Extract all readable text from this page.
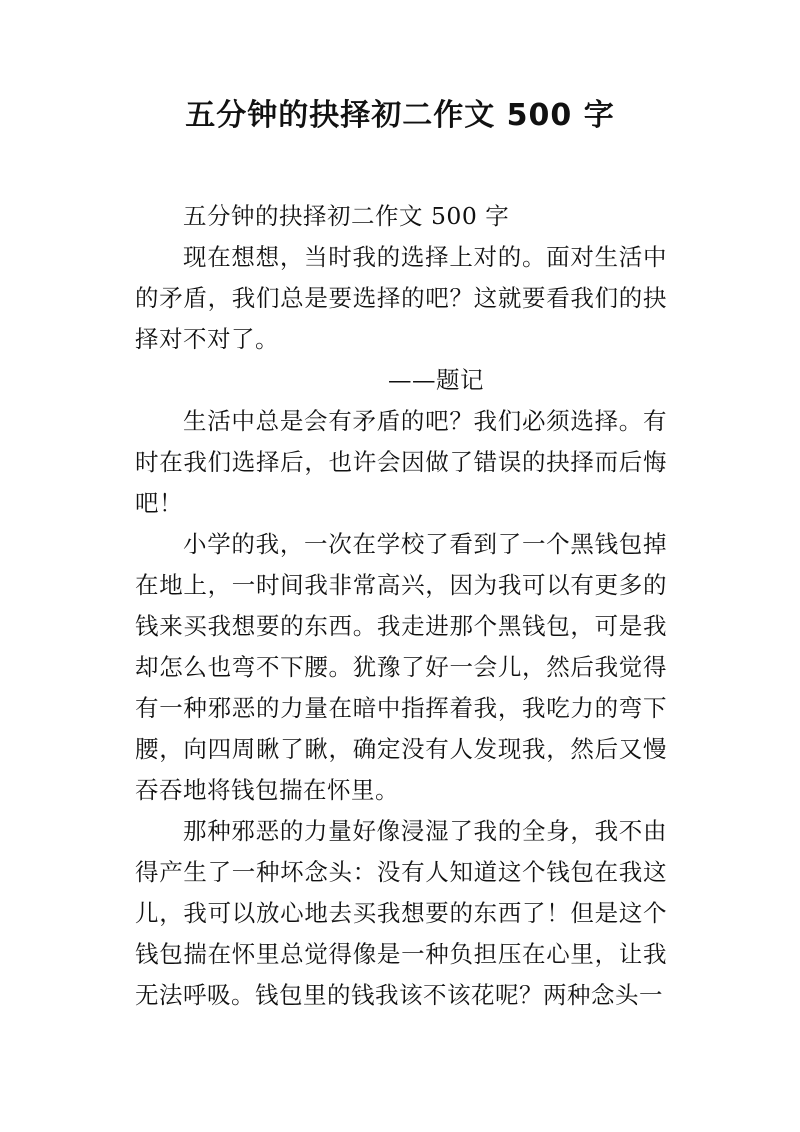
五分钟的抉择初二作文 500 字

五分钟的抉择初二作文 500 字

现在想想，当时我的选择上对的。面对生活中的矛盾，我们总是要选择的吧？这就要看我们的抉择对不对了。

——题记

生活中总是会有矛盾的吧？我们必须选择。有时在我们选择后，也许会因做了错误的抉择而后悔吧！

小学的我，一次在学校了看到了一个黑钱包掉在地上，一时间我非常高兴，因为我可以有更多的钱来买我想要的东西。我走进那个黑钱包，可是我却怎么也弯不下腰。犹豫了好一会儿，然后我觉得有一种邪恶的力量在暗中指挥着我，我吃力的弯下腰，向四周瞅了瞅，确定没有人发现我，然后又慢吞吞地将钱包揣在怀里。

那种邪恶的力量好像浸湿了我的全身，我不由得产生了一种坏念头：没有人知道这个钱包在我这儿，我可以放心地去买我想要的东西了！但是这个钱包揣在怀里总觉得像是一种负担压在心里，让我无法呼吸。钱包里的钱我该不该花呢？两种念头一
